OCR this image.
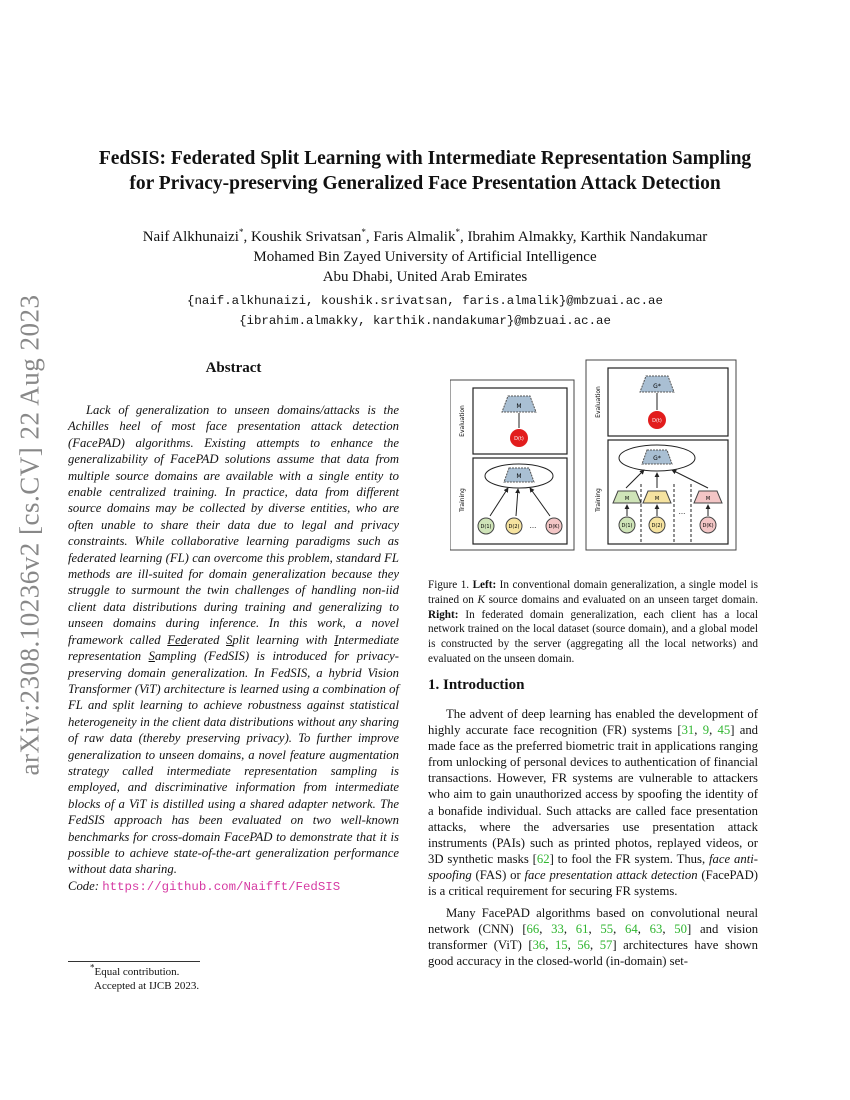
arXiv:2308.10236v2 [cs.CV] 22 Aug 2023
FedSIS: Federated Split Learning with Intermediate Representation Sampling
for Privacy-preserving Generalized Face Presentation Attack Detection
Naif Alkhunaizi*, Koushik Srivatsan*, Faris Almalik*, Ibrahim Almakky, Karthik Nandakumar
Mohamed Bin Zayed University of Artificial Intelligence
Abu Dhabi, United Arab Emirates
{naif.alkhunaizi, koushik.srivatsan, faris.almalik}@mbzuai.ac.ae
{ibrahim.almakky, karthik.nandakumar}@mbzuai.ac.ae
Abstract

Lack of generalization to unseen domains/attacks is the Achilles heel of most face presentation attack detection (FacePAD) algorithms. Existing attempts to enhance the generalizability of FacePAD solutions assume that data from multiple source domains are available with a single entity to enable centralized training. In practice, data from different source domains may be collected by diverse entities, who are often unable to share their data due to legal and privacy constraints. While collaborative learning paradigms such as federated learning (FL) can overcome this problem, standard FL methods are ill-suited for domain generalization because they struggle to surmount the twin challenges of handling non-iid client data distributions during training and generalizing to unseen domains during inference. In this work, a novel framework called Federated Split learning with Intermediate representation Sampling (FedSIS) is introduced for privacy-preserving domain generalization. In FedSIS, a hybrid Vision Transformer (ViT) architecture is learned using a combination of FL and split learning to achieve robustness against statistical heterogeneity in the client data distributions without any sharing of raw data (thereby preserving privacy). To further improve generalization to unseen domains, a novel feature augmentation strategy called intermediate representation sampling is employed, and discriminative information from intermediate blocks of a ViT is distilled using a shared adapter network. The FedSIS approach has been evaluated on two well-known benchmarks for cross-domain FacePAD to demonstrate that it is possible to achieve state-of-the-art generalization performance without data sharing.

Code: https://github.com/Naifft/FedSIS
*Equal contribution.
Accepted at IJCB 2023.
Evaluation	M
D(t)
Training
M
D(1)	D(2) ... D(K)
Evaluation	G*
D(t)
Training
G*
M	M	M
D(1)	D(2)
...
D(K)
Figure 1. Left: In conventional domain generalization, a single model is trained on K source domains and evaluated on an unseen target domain. Right: In federated domain generalization, each client has a local network trained on the local dataset (source domain), and a global model is constructed by the server (aggregating all the local networks) and evaluated on the unseen domain.
1. Introduction

The advent of deep learning has enabled the development of highly accurate face recognition (FR) systems [31, 9, 45] and made face as the preferred biometric trait in applications ranging from unlocking of personal devices to authentication of financial transactions. However, FR systems are vulnerable to attackers who aim to gain unauthorized access by spoofing the identity of a bonafide individual. Such attacks are called face presentation attacks, where the adversaries use presentation attack instruments (PAIs) such as printed photos, replayed videos, or 3D synthetic masks [62] to fool the FR system. Thus, face anti-spoofing (FAS) or face presentation attack detection (FacePAD) is a critical requirement for securing FR systems.

Many FacePAD algorithms based on convolutional neural network (CNN) [66, 33, 61, 55, 64, 63, 50] and vision transformer (ViT) [36, 15, 56, 57] architectures have shown good accuracy in the closed-world (in-domain) set-
